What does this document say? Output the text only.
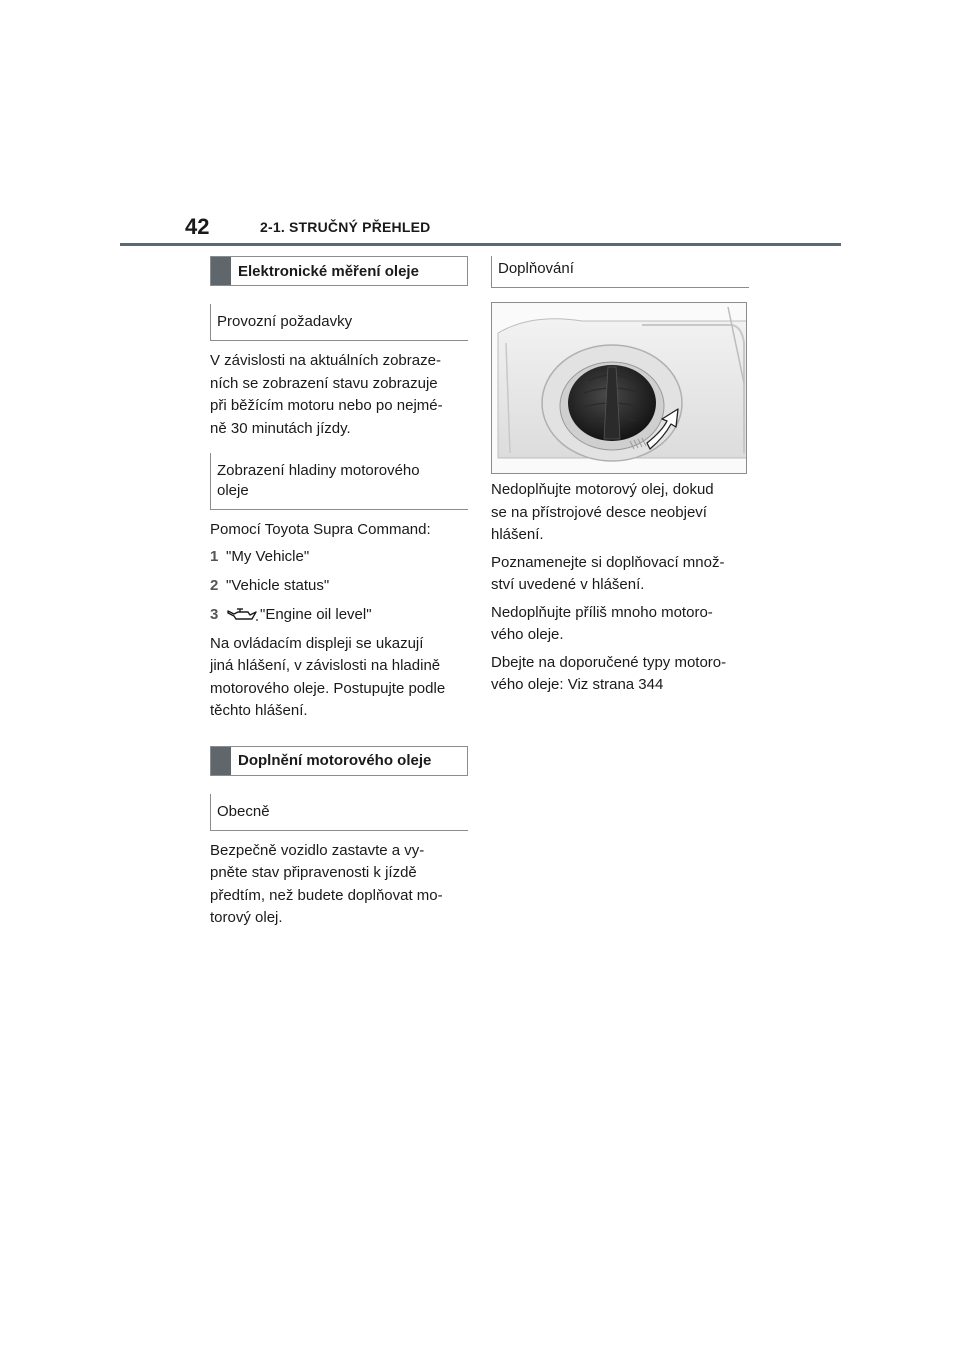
42	2-1. STRUČNÝ PŘEHLED
Elektronické měření oleje
Provozní požadavky

V závislosti na aktuálních zobraze-
ních se zobrazení stavu zobrazuje
při běžícím motoru nebo po nejmé-
ně 30 minutách jízdy.

Zobrazení hladiny motorového
oleje

Pomocí Toyota Supra Command:

1 "My Vehicle"
2 "Vehicle status"
3	"Engine oil level"

Na ovládacím displeji se ukazují
jiná hlášení, v závislosti na hladině
motorového oleje. Postupujte podle
těchto hlášení.

Doplnění motorového oleje
Obecně

Bezpečně vozidlo zastavte a vy-
pněte stav připravenosti k jízdě
předtím, než budete doplňovat mo-
torový olej.

Doplňování

Nedoplňujte motorový olej, dokud
se na přístrojové desce neobjeví
hlášení.

Poznamenejte si doplňovací množ-
ství uvedené v hlášení.

Nedoplňujte příliš mnoho motoro-
vého oleje.

Dbejte na doporučené typy motoro-
vého oleje: Viz strana 344
